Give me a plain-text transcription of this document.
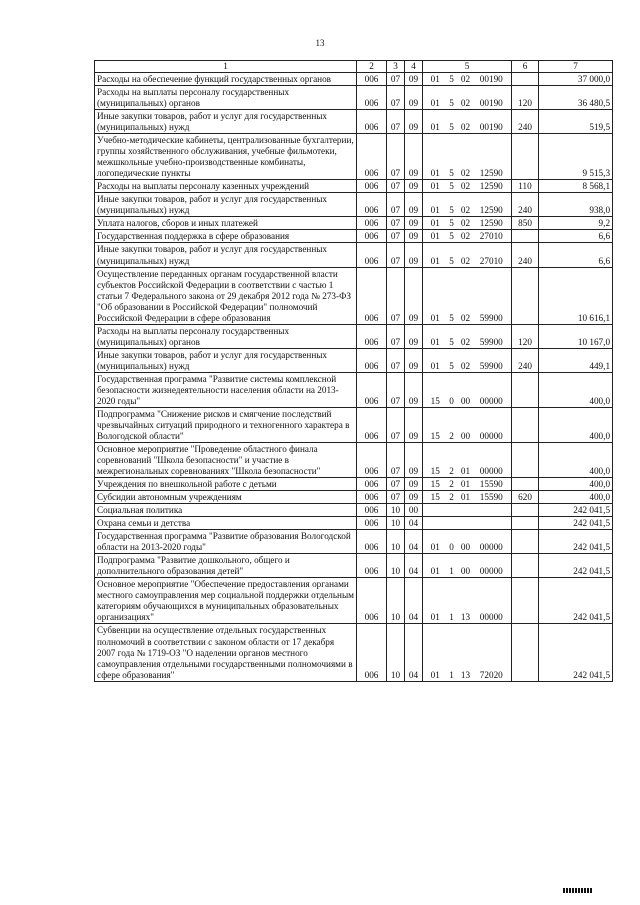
13
1	2	3	4	5				6	7
Расходы на обеспечение функций государственных органов	006	07	09	01	5	02	00190		37 000,0
Расходы на выплаты персоналу государственных (муниципальных) органов	006	07	09	01	5	02	00190	120	36 480,5
Иные закупки товаров, работ и услуг для государственных (муниципальных) нужд	006	07	09	01	5	02	00190	240	519,5
Учебно-методические кабинеты, централизованные бухгалтерии, группы хозяйственного обслуживания, учебные фильмотеки, межшкольные учебно-производственные комбинаты, логопедические пункты	006	07	09	01	5	02	12590		9 515,3
Расходы на выплаты персоналу казенных учреждений	006	07	09	01	5	02	12590	110	8 568,1
Иные закупки товаров, работ и услуг для государственных (муниципальных) нужд	006	07	09	01	5	02	12590	240	938,0
Уплата налогов, сборов и иных платежей	006	07	09	01	5	02	12590	850	9,2
Государственная поддержка в сфере образования	006	07	09	01	5	02	27010		6,6
Иные закупки товаров, работ и услуг для государственных (муниципальных) нужд	006	07	09	01	5	02	27010	240	6,6
Осуществление переданных органам государственной власти субъектов Российской Федерации в соответствии с частью 1 статьи 7 Федерального закона от 29 декабря 2012 года № 273-ФЗ "Об образовании в Российской Федерации" полномочий Российской Федерации в сфере образования	006	07	09	01	5	02	59900		10 616,1
Расходы на выплаты персоналу государственных (муниципальных) органов	006	07	09	01	5	02	59900	120	10 167,0
Иные закупки товаров, работ и услуг для государственных (муниципальных) нужд	006	07	09	01	5	02	59900	240	449,1
Государственная программа "Развитие системы комплексной безопасности жизнедеятельности населения области на 2013-2020 годы"	006	07	09	15	0	00	00000		400,0
Подпрограмма "Снижение рисков и смягчение последствий чрезвычайных ситуаций природного и техногенного характера в Вологодской области"	006	07	09	15	2	00	00000		400,0
Основное мероприятие "Проведение областного финала соревнований "Школа безопасности" и участие в межрегиональных соревнованиях "Школа безопасности"	006	07	09	15	2	01	00000		400,0
Учреждения по внешкольной работе с детьми	006	07	09	15	2	01	15590		400,0
Субсидии автономным учреждениям	006	07	09	15	2	01	15590	620	400,0
Социальная политика	006	10	00						242 041,5
Охрана семьи и детства	006	10	04						242 041,5
Государственная программа "Развитие образования Вологодской области на 2013-2020 годы"	006	10	04	01	0	00	00000		242 041,5
Подпрограмма "Развитие дошкольного, общего и дополнительного образования детей"	006	10	04	01	1	00	00000		242 041,5
Основное мероприятие "Обеспечение предоставления органами местного самоуправления мер социальной поддержки отдельным категориям обучающихся в муниципальных образовательных организациях"	006	10	04	01	1	13	00000		242 041,5
Субвенции на осуществление отдельных государственных полномочий в соответствии с законом области от 17 декабря 2007 года № 1719-ОЗ "О наделении органов местного самоуправления отдельными государственными полномочиями в сфере образования"	006	10	04	01	1	13	72020		242 041,5
